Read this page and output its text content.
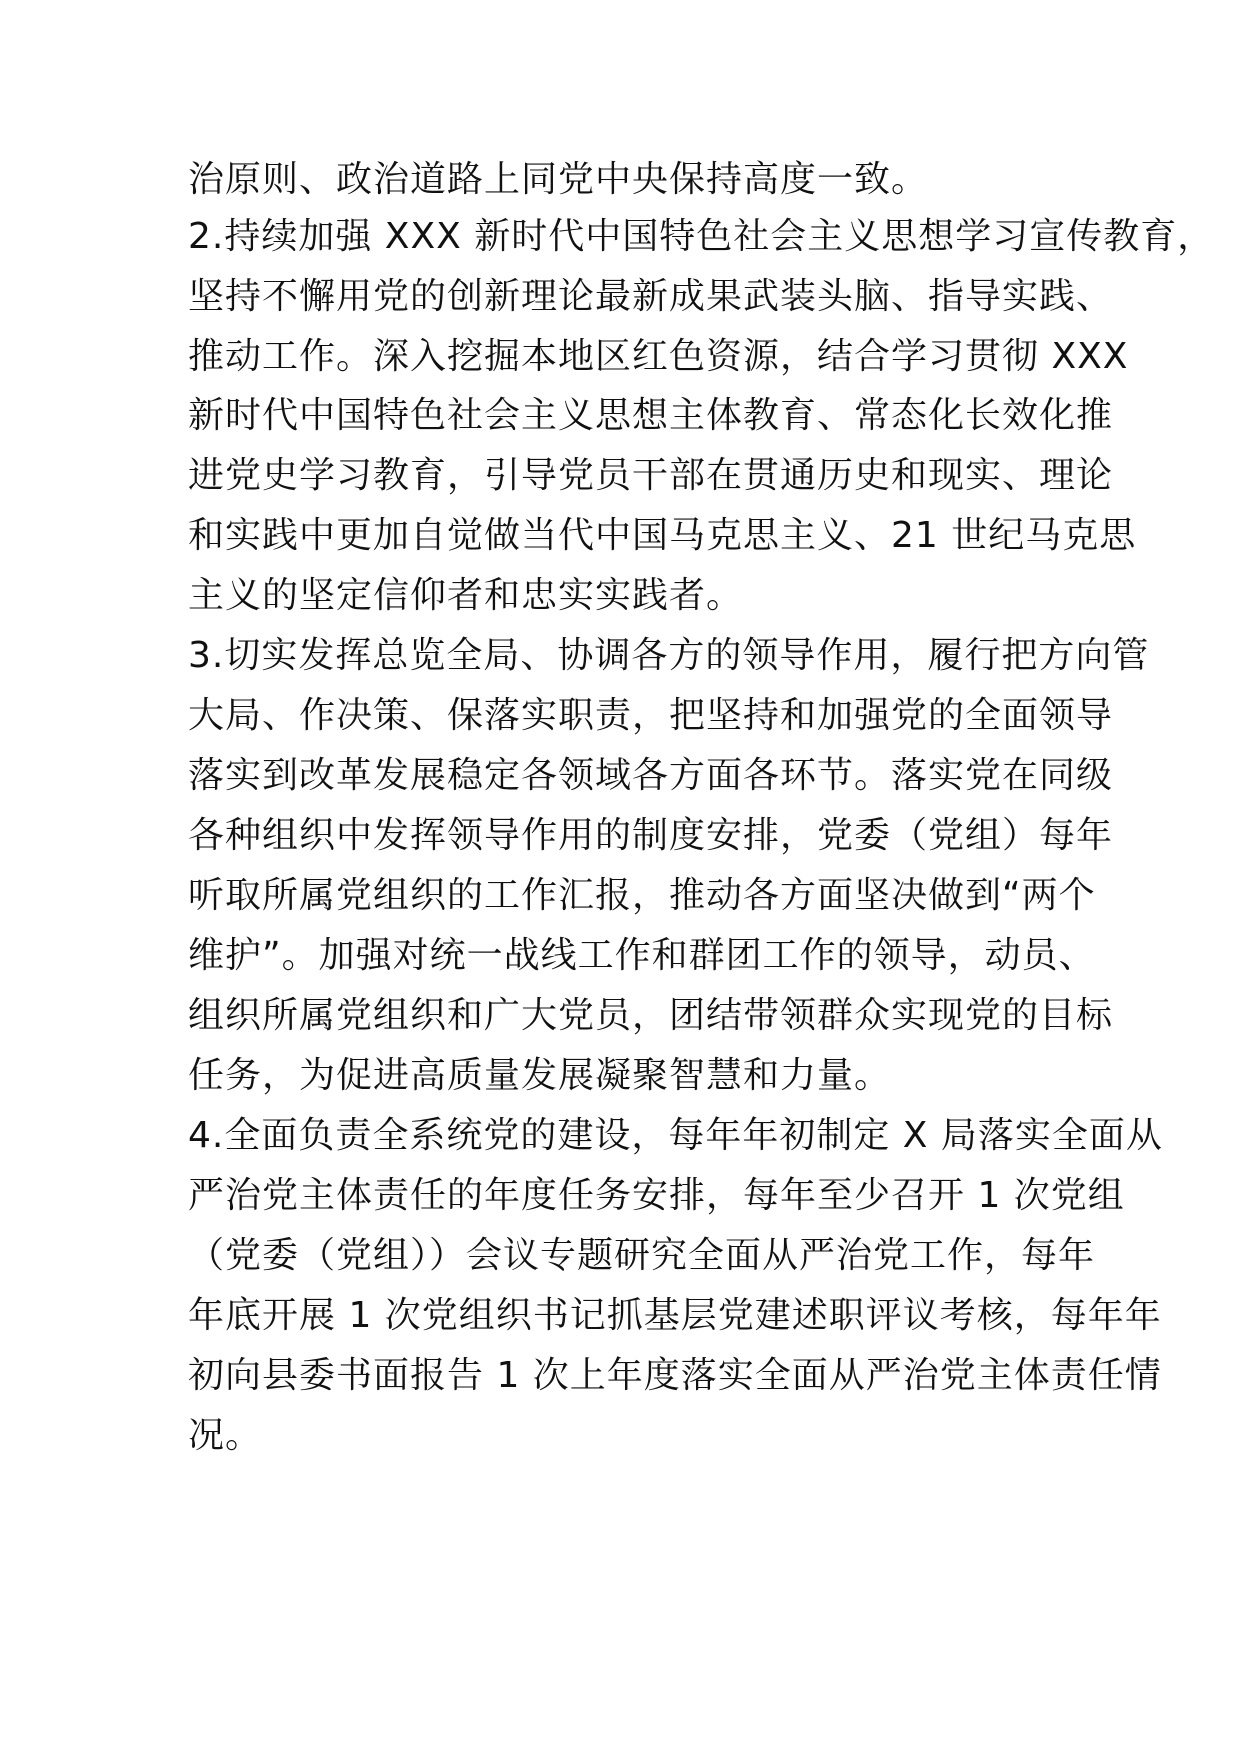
治原则、政治道路上同党中央保持高度一致。
2.持续加强 XXX 新时代中国特色社会主义思想学习宣传教育，
坚持不懈用党的创新理论最新成果武装头脑、指导实践、
推动工作。深入挖掘本地区红色资源，结合学习贯彻 XXX
新时代中国特色社会主义思想主体教育、常态化长效化推
进党史学习教育，引导党员干部在贯通历史和现实、理论
和实践中更加自觉做当代中国马克思主义、21 世纪马克思
主义的坚定信仰者和忠实实践者。
3.切实发挥总览全局、协调各方的领导作用，履行把方向管
大局、作决策、保落实职责，把坚持和加强党的全面领导
落实到改革发展稳定各领域各方面各环节。落实党在同级
各种组织中发挥领导作用的制度安排，党委（党组）每年
听取所属党组织的工作汇报，推动各方面坚决做到“两个
维护”。加强对统一战线工作和群团工作的领导，动员、
组织所属党组织和广大党员，团结带领群众实现党的目标
任务，为促进高质量发展凝聚智慧和力量。
4.全面负责全系统党的建设，每年年初制定 X 局落实全面从
严治党主体责任的年度任务安排，每年至少召开 1 次党组
（党委（党组））会议专题研究全面从严治党工作，每年
年底开展 1 次党组织书记抓基层党建述职评议考核，每年年
初向县委书面报告 1 次上年度落实全面从严治党主体责任情
况。
